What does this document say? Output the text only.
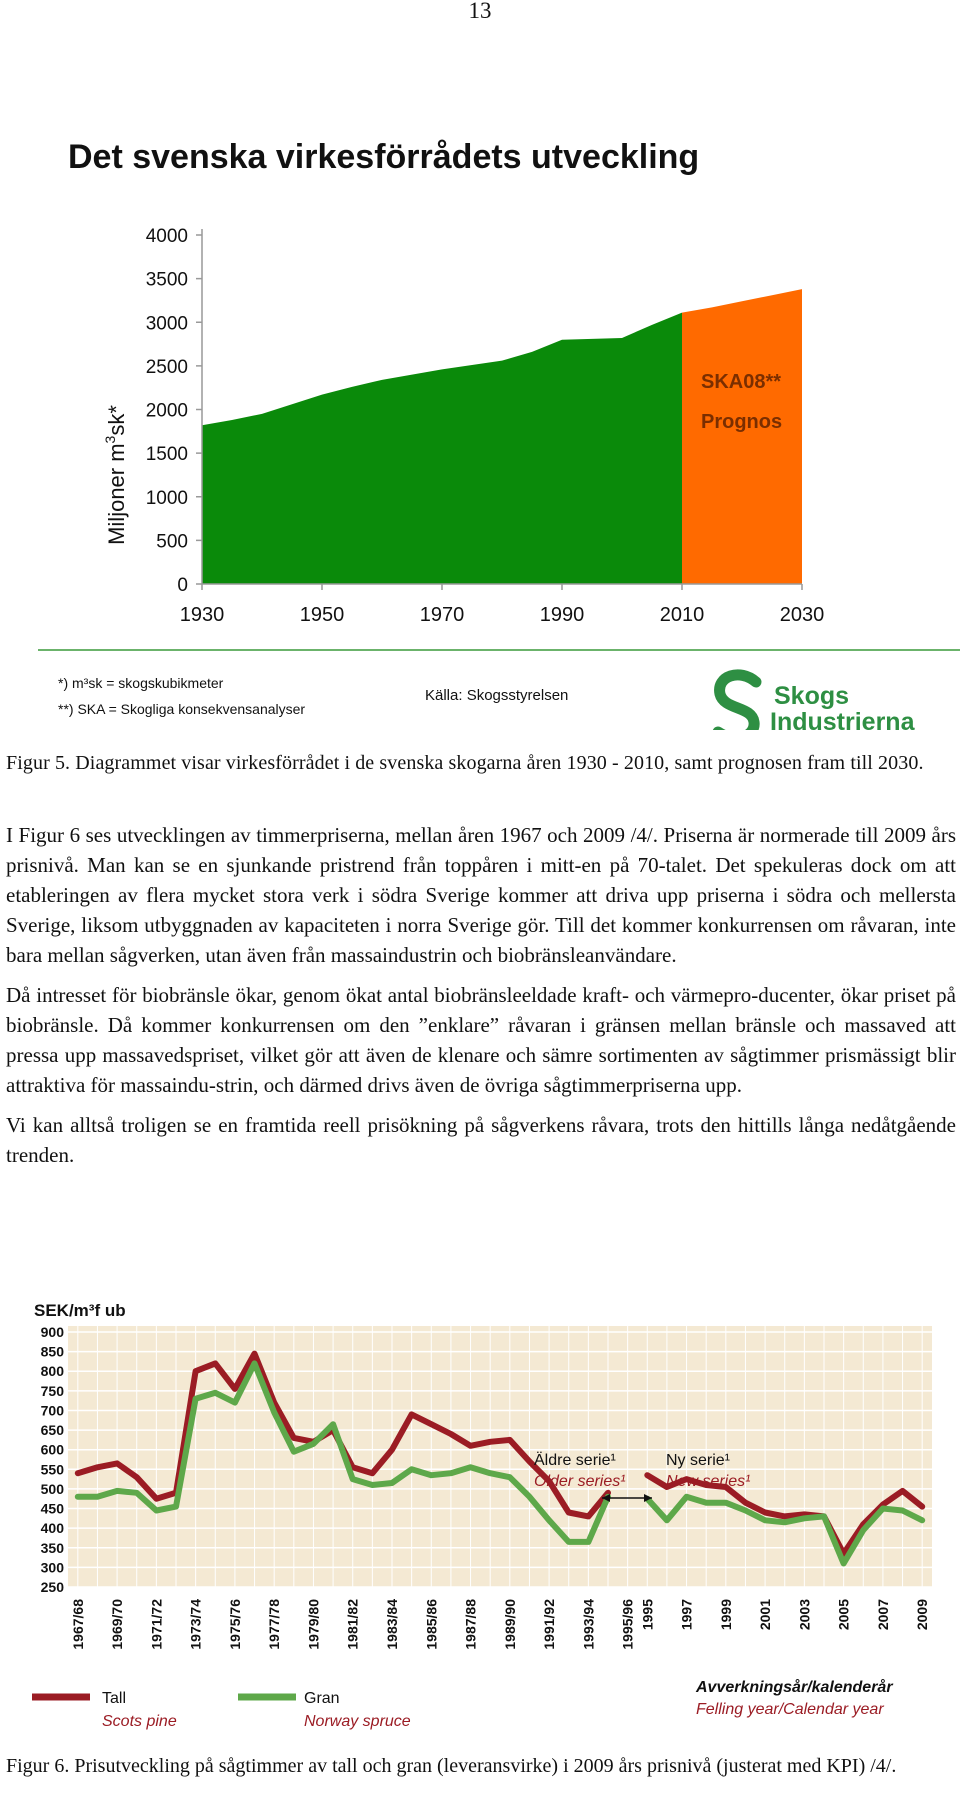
13
Det svenska virkesförrådets utveckling
0
500
1000
1500
2000
2500
3000
3500
4000
1930	1950	1970	1990	2010	2030
Miljoner $m^3sk*$
SKA08**
Prognos
*) m³sk = skogskubikmeter
**) SKA = Skogliga konsekvensanalyser
Källa: Skogsstyrelsen	Skogs
Industrierna
Figur 5. Diagrammet visar virkesförrådet i de svenska skogarna åren 1930 - 2010, samt prognosen fram till 2030.

I Figur 6 ses utvecklingen av timmerpriserna, mellan åren 1967 och 2009 /4/. Priserna är normerade till 2009 års prisnivå. Man kan se en sjunkande pristrend från toppåren i mitt-en på 70-talet. Det spekuleras dock om att etableringen av flera mycket stora verk i södra Sverige kommer att driva upp priserna i södra och mellersta Sverige, liksom utbyggnaden av kapaciteten i norra Sverige gör. Till det kommer konkurrensen om råvaran, inte bara mellan sågverken, utan även från massaindustrin och biobränsleanvändare.

Då intresset för biobränsle ökar, genom ökat antal biobränsleeldade kraft- och värmepro-ducenter, ökar priset på biobränsle. Då kommer konkurrensen om den ”enklare” råvaran i gränsen mellan bränsle och massaved att pressa upp massavedspriset, vilket gör att även de klenare och sämre sortimenten av sågtimmer prismässigt blir attraktiva för massaindu-strin, och därmed drivs även de övriga sågtimmerpriserna upp.

Vi kan alltså troligen se en framtida reell prisökning på sågverkens råvara, trots den hittills långa nedåtgående trenden.

SEK/m³f ub
250
300
350
400
450
500
550
600
650
700
750
800
850
900
1967/68 1969/70 1971/72 1973/74 1975/76 1977/78 1979/80 1981/82 1983/84 1985/86 1987/88 1989/90 1991/92 1993/94 1995/96 1995 1997 1999 2001 2003 2005 2007 2009
Äldre serie¹
Older series¹
Ny serie¹
New series¹
Avverkningsår/kalenderår
Felling year/Calendar year
Tall
Scots pine
Gran
Norway spruce
Figur 6. Prisutveckling på sågtimmer av tall och gran (leveransvirke) i 2009 års prisnivå (justerat med KPI) /4/.
